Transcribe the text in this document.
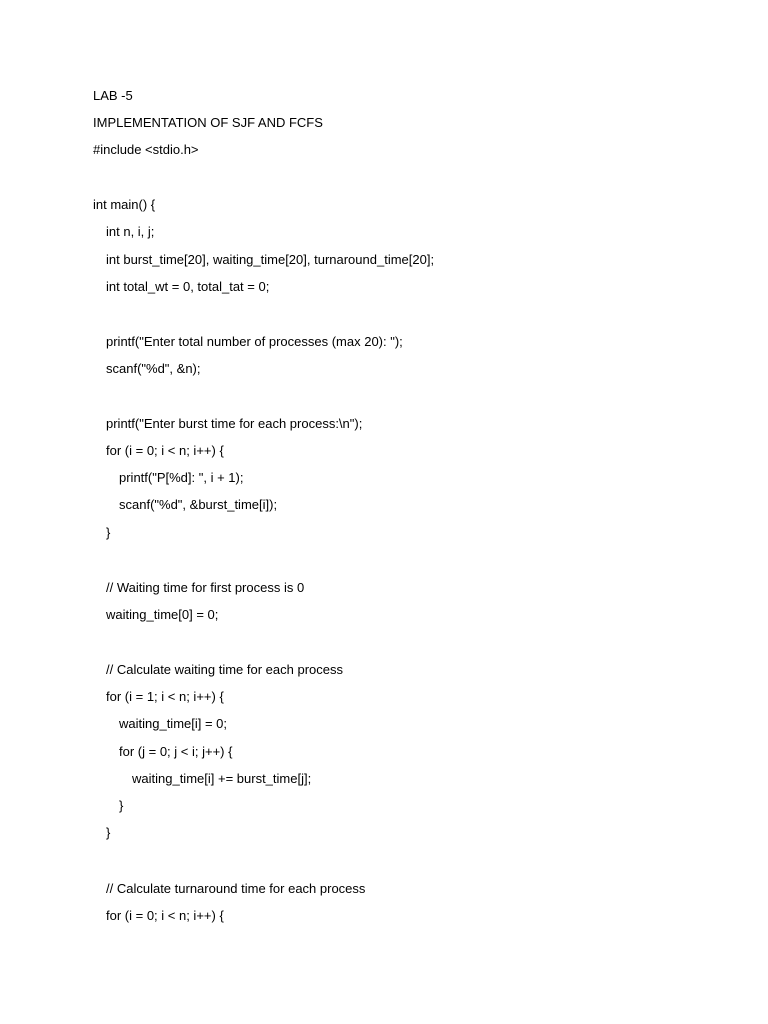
LAB -5
IMPLEMENTATION OF SJF AND FCFS
#include <stdio.h>
int main() {
int n, i, j;
int burst_time[20], waiting_time[20], turnaround_time[20];
int total_wt = 0, total_tat = 0;
printf("Enter total number of processes (max 20): ");
scanf("%d", &n);
printf("Enter burst time for each process:\n");
for (i = 0; i < n; i++) {
printf("P[%d]: ", i + 1);
scanf("%d", &burst_time[i]);
}
// Waiting time for first process is 0
waiting_time[0] = 0;
// Calculate waiting time for each process
for (i = 1; i < n; i++) {
waiting_time[i] = 0;
for (j = 0; j < i; j++) {
waiting_time[i] += burst_time[j];
}
}
// Calculate turnaround time for each process
for (i = 0; i < n; i++) {
